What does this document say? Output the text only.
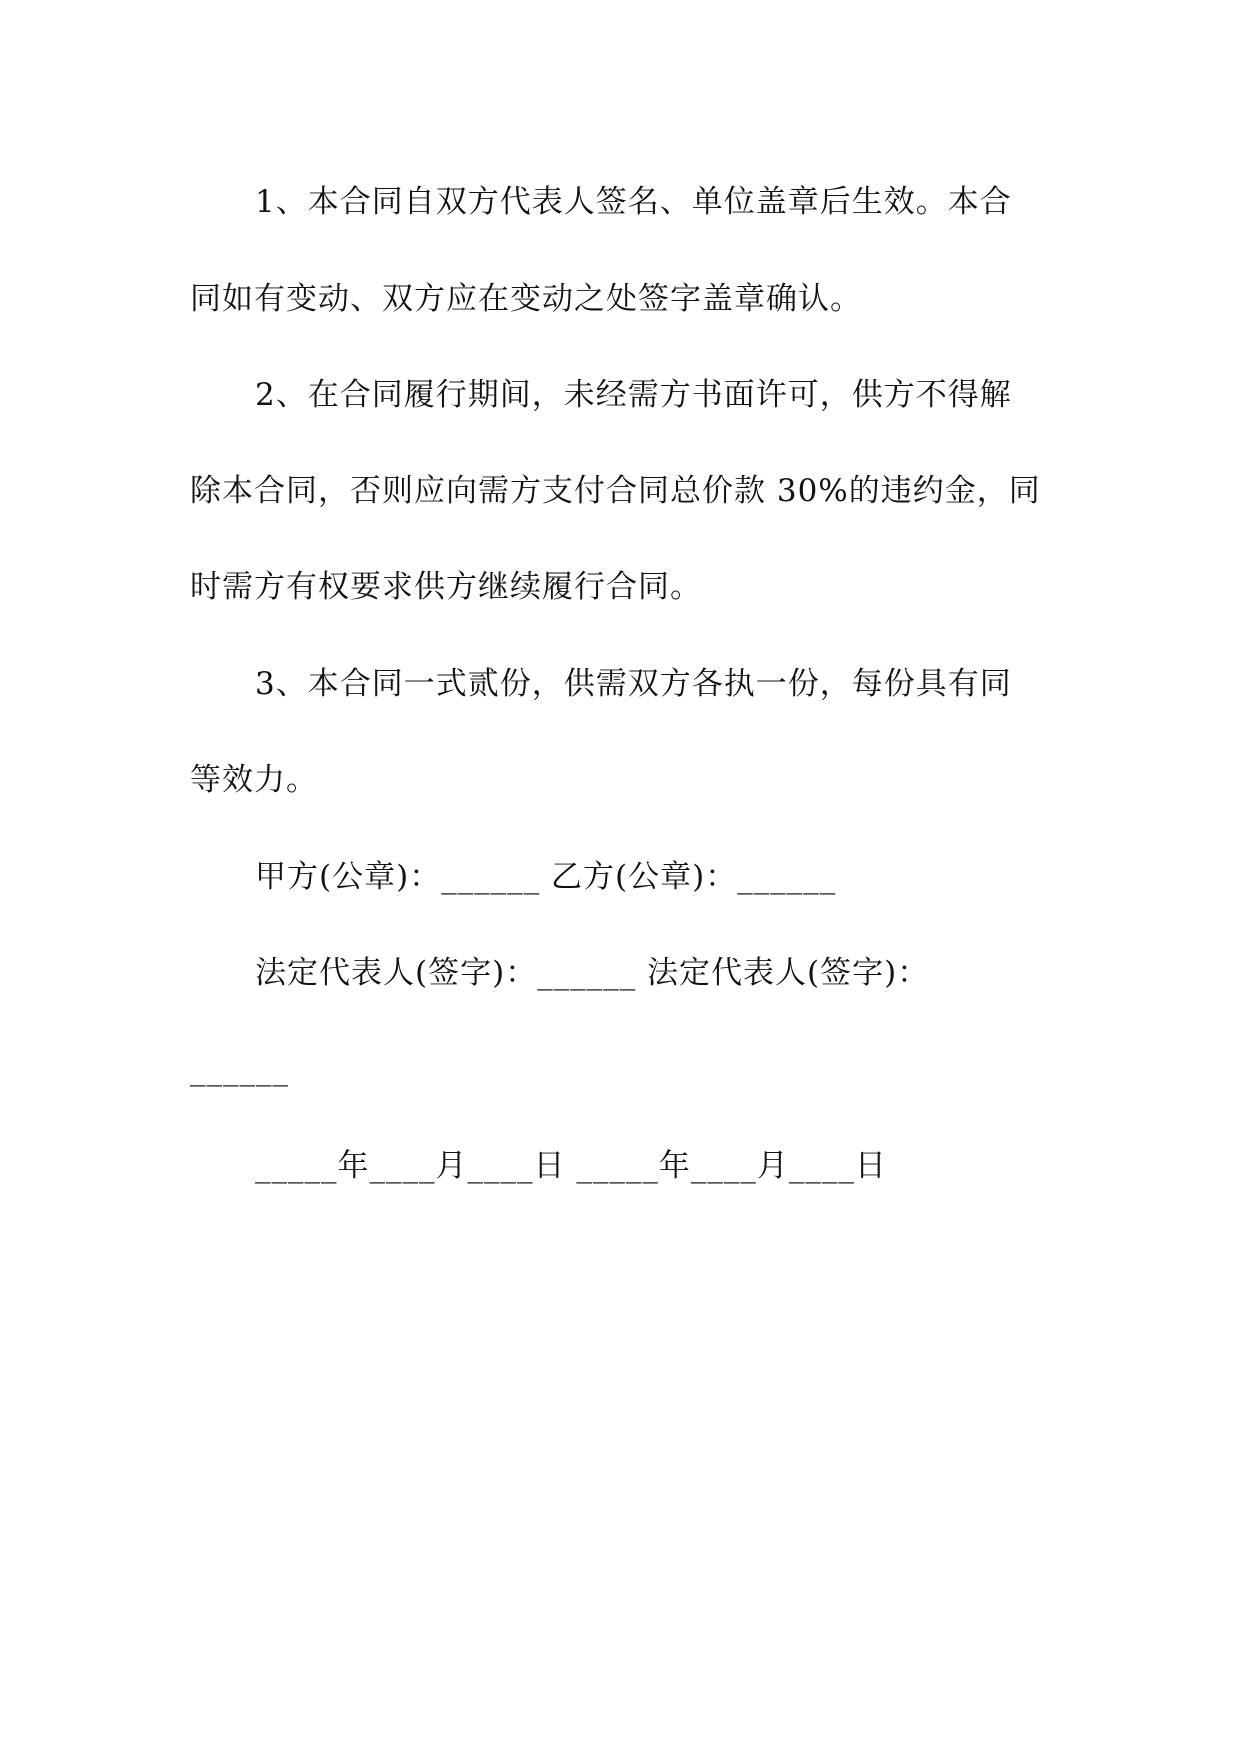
1、本合同自双方代表人签名、单位盖章后生效。本合
同如有变动、双方应在变动之处签字盖章确认。
2、在合同履行期间，未经需方书面许可，供方不得解
除本合同，否则应向需方支付合同总价款 30%的违约金，同
时需方有权要求供方继续履行合同。
3、本合同一式贰份，供需双方各执一份，每份具有同
等效力。
甲方(公章)：______ 乙方(公章)：______
法定代表人(签字)：______ 法定代表人(签字)：
______
_____年____月____日 _____年____月____日
